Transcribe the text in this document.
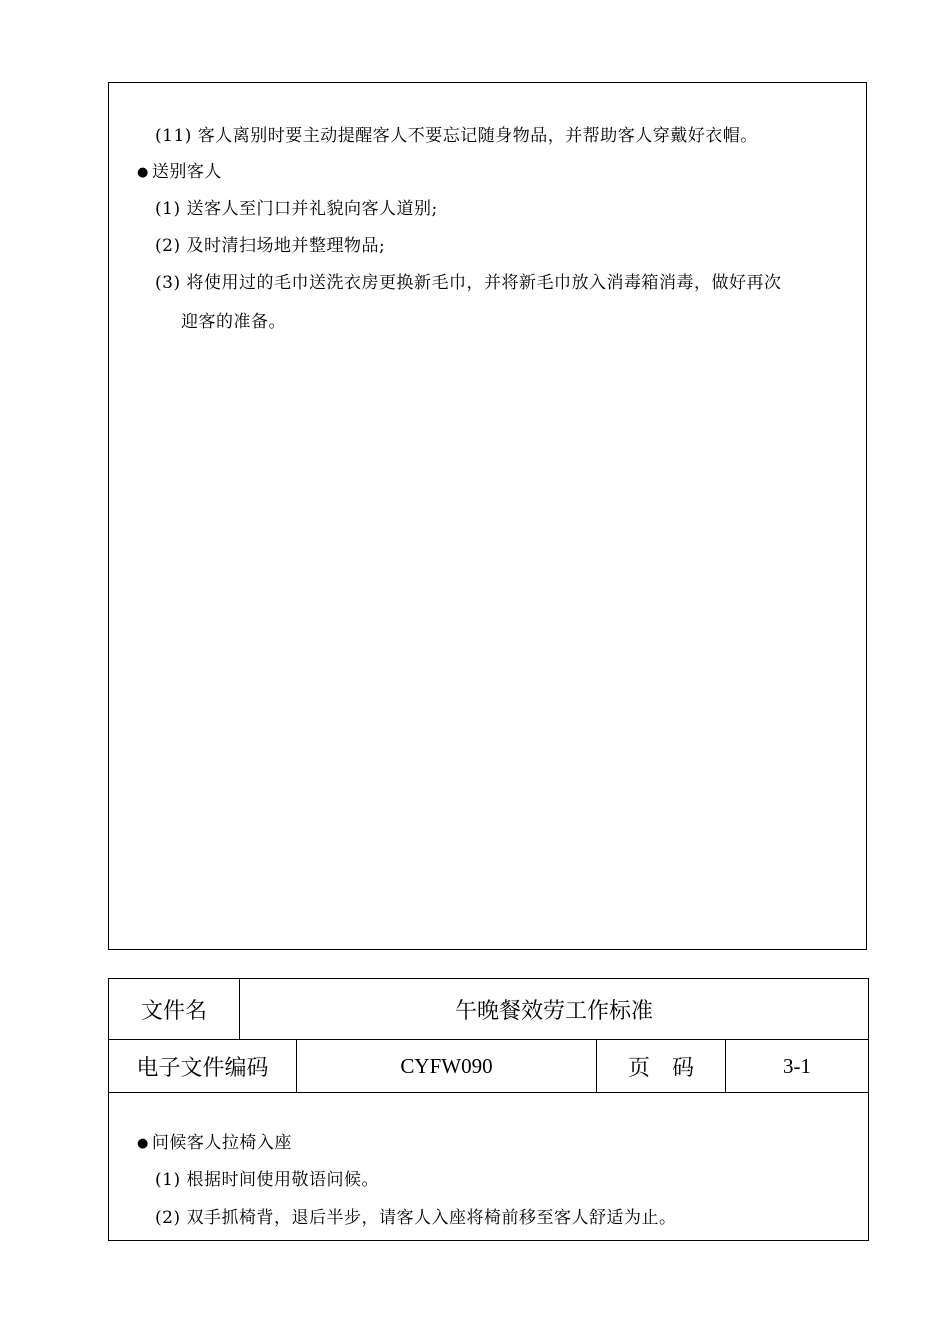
(11) 客人离别时要主动提醒客人不要忘记随身物品，并帮助客人穿戴好衣帽。
● 送别客人
(1) 送客人至门口并礼貌向客人道别;
(2) 及时清扫场地并整理物品;
(3) 将使用过的毛巾送洗衣房更换新毛巾，并将新毛巾放入消毒箱消毒，做好再次
迎客的准备。
文件名	午晚餐效劳工作标准
电子文件编码	CYFW090	页　码	3-1
● 问候客人拉椅入座
(1) 根据时间使用敬语问候。
(2) 双手抓椅背，退后半步，请客人入座将椅前移至客人舒适为止。
